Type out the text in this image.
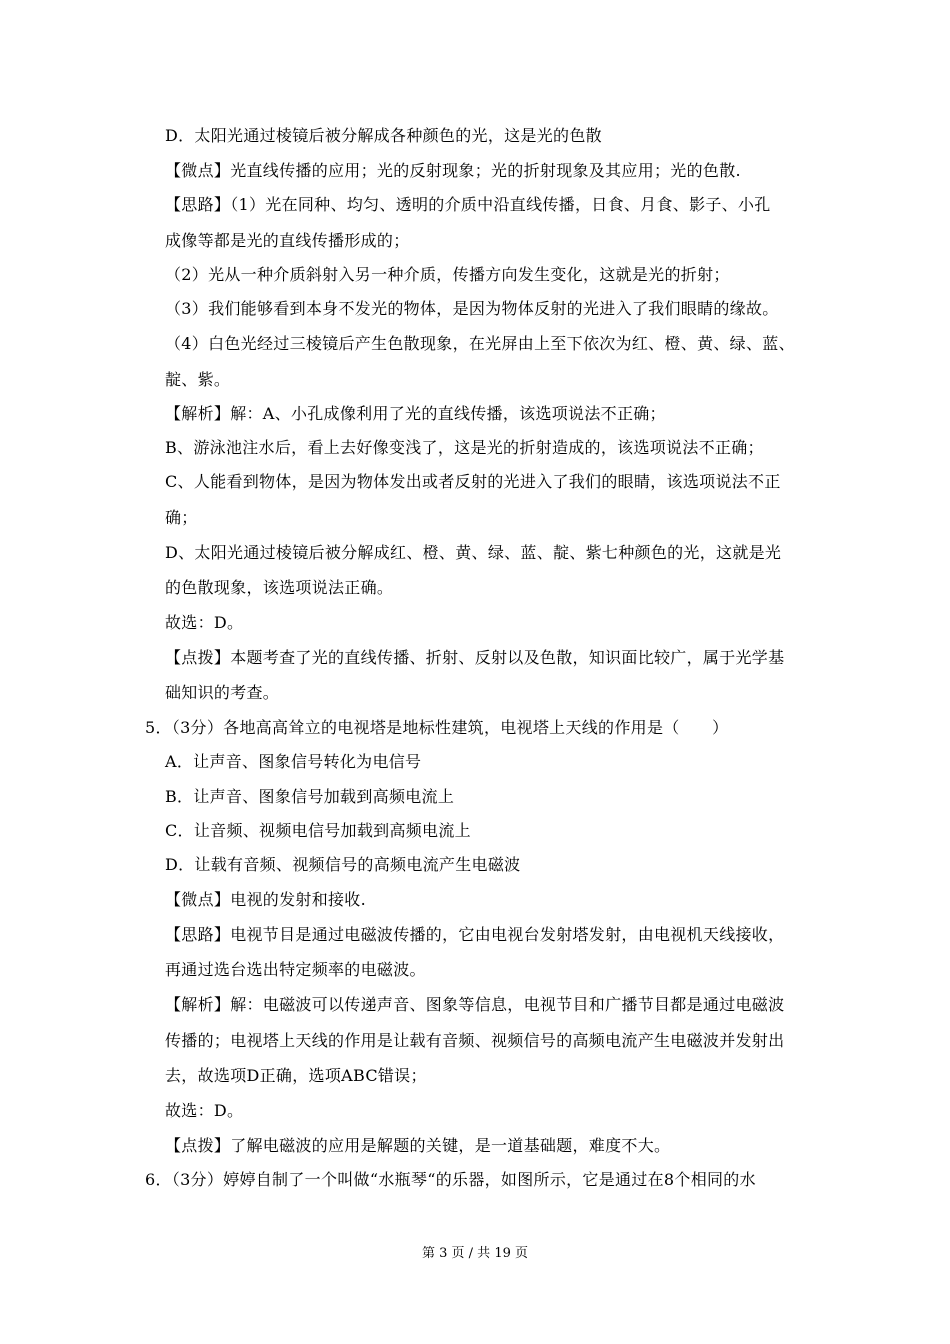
D．太阳光通过棱镜后被分解成各种颜色的光，这是光的色散
【微点】光直线传播的应用；光的反射现象；光的折射现象及其应用；光的色散.
【思路】（1）光在同种、均匀、透明的介质中沿直线传播，日食、月食、影子、小孔
成像等都是光的直线传播形成的；
（2）光从一种介质斜射入另一种介质，传播方向发生变化，这就是光的折射；
（3）我们能够看到本身不发光的物体，是因为物体反射的光进入了我们眼睛的缘故。
（4）白色光经过三棱镜后产生色散现象，在光屏由上至下依次为红、橙、黄、绿、蓝、
靛、紫。
【解析】解：A、小孔成像利用了光的直线传播，该选项说法不正确；
B、游泳池注水后，看上去好像变浅了，这是光的折射造成的，该选项说法不正确；
C、人能看到物体，是因为物体发出或者反射的光进入了我们的眼睛，该选项说法不正
确；
D、太阳光通过棱镜后被分解成红、橙、黄、绿、蓝、靛、紫七种颜色的光，这就是光
的色散现象，该选项说法正确。
故选：D。
【点拨】本题考查了光的直线传播、折射、反射以及色散，知识面比较广，属于光学基
础知识的考查。
5．（3分）各地高高耸立的电视塔是地标性建筑，电视塔上天线的作用是（　　）
A．让声音、图象信号转化为电信号
B．让声音、图象信号加载到高频电流上
C．让音频、视频电信号加载到高频电流上
D．让载有音频、视频信号的高频电流产生电磁波
【微点】电视的发射和接收.
【思路】电视节目是通过电磁波传播的，它由电视台发射塔发射，由电视机天线接收，
再通过选台选出特定频率的电磁波。
【解析】解：电磁波可以传递声音、图象等信息，电视节目和广播节目都是通过电磁波
传播的；电视塔上天线的作用是让载有音频、视频信号的高频电流产生电磁波并发射出
去，故选项D正确，选项ABC错误；
故选：D。
【点拨】了解电磁波的应用是解题的关键，是一道基础题，难度不大。
6．（3分）婷婷自制了一个叫做“水瓶琴“的乐器，如图所示，它是通过在8个相同的水
第 3 页 / 共 19 页
